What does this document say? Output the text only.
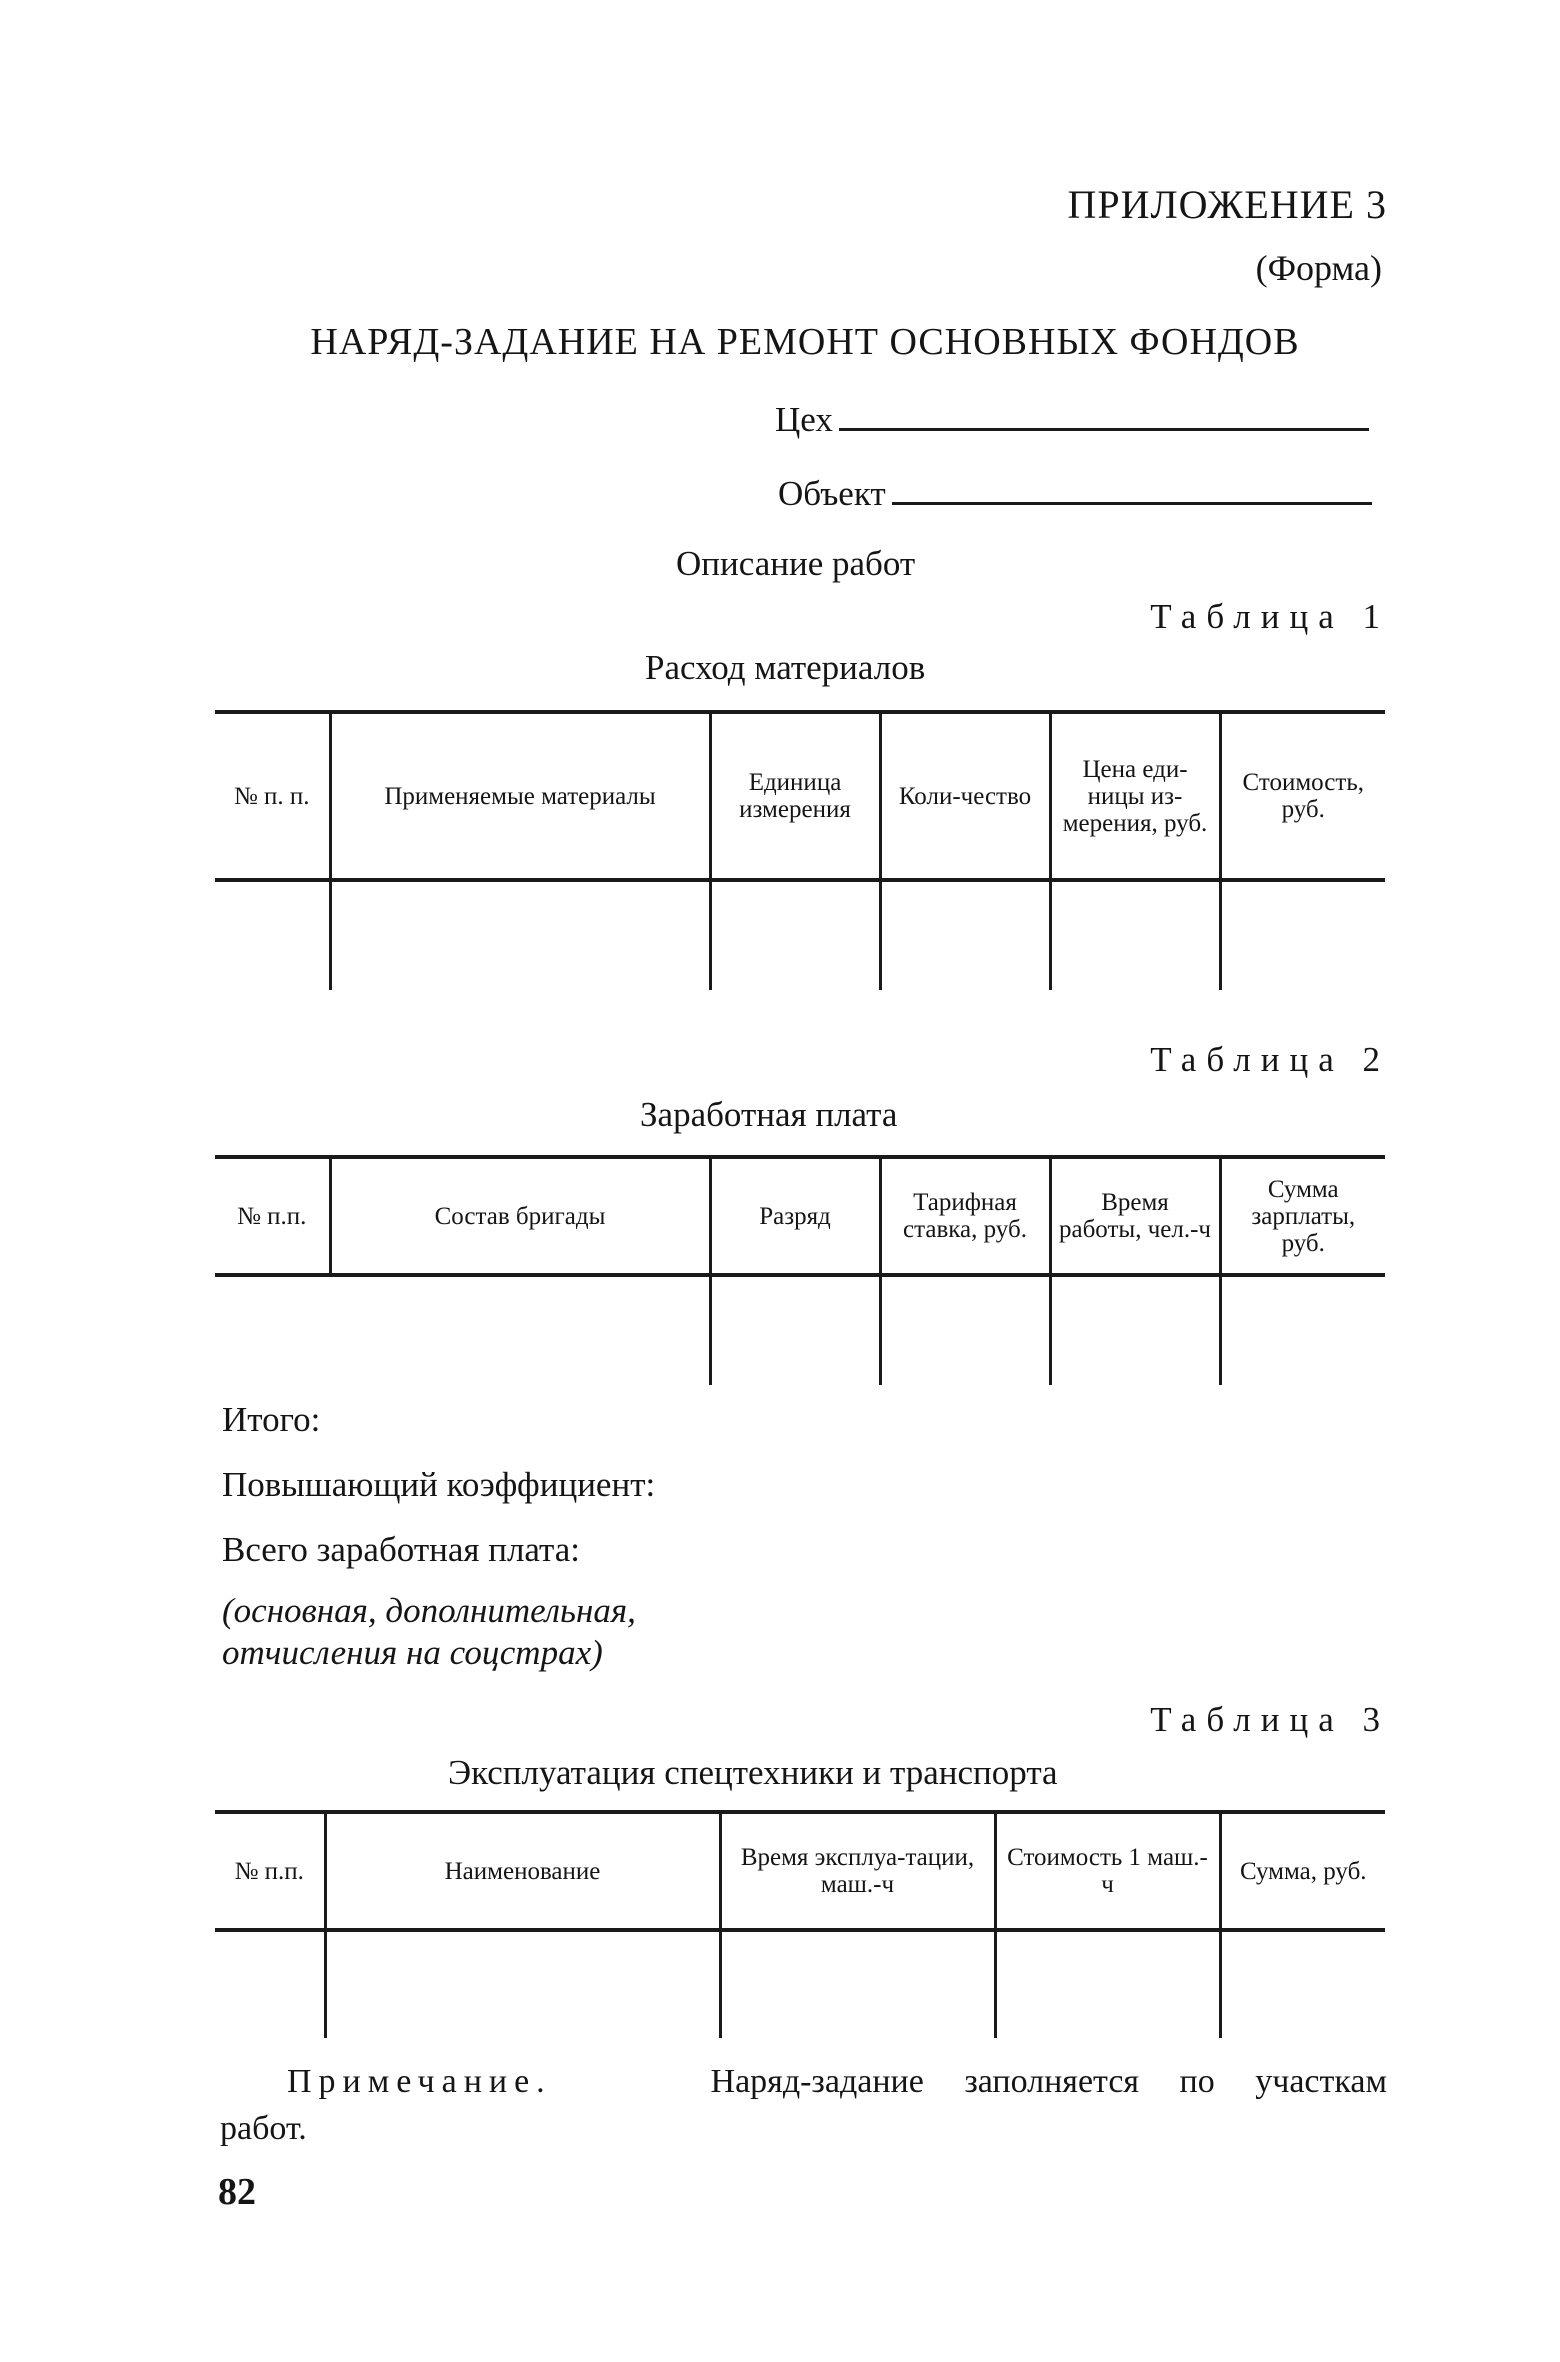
ПРИЛОЖЕНИЕ 3
(Форма)
НАРЯД-ЗАДАНИЕ НА РЕМОНТ ОСНОВНЫХ ФОНДОВ
Цех
Объект
Описание работ
Таблица 1
Расход материалов
№ п. п.	Применяемые материалы	Единица измерения	Коли-чество	Цена еди-ницы из-мерения, руб.	Стоимость, руб.

Таблица 2
Заработная плата
№ п.п.	Состав бригады	Разряд	Тарифная ставка, руб.	Время работы, чел.-ч	Сумма зарплаты, руб.

Итого:
Повышающий коэффициент:
Всего заработная плата:
(основная, дополнительная,
отчисления на соцстрах)
Таблица 3
Эксплуатация спецтехники и транспорта
№ п.п.	Наименование	Время эксплуа-тации, маш.-ч	Стоимость 1 маш.-ч	Сумма, руб.

Примечание.	Наряд-задание заполняется по участкам
работ.
82
